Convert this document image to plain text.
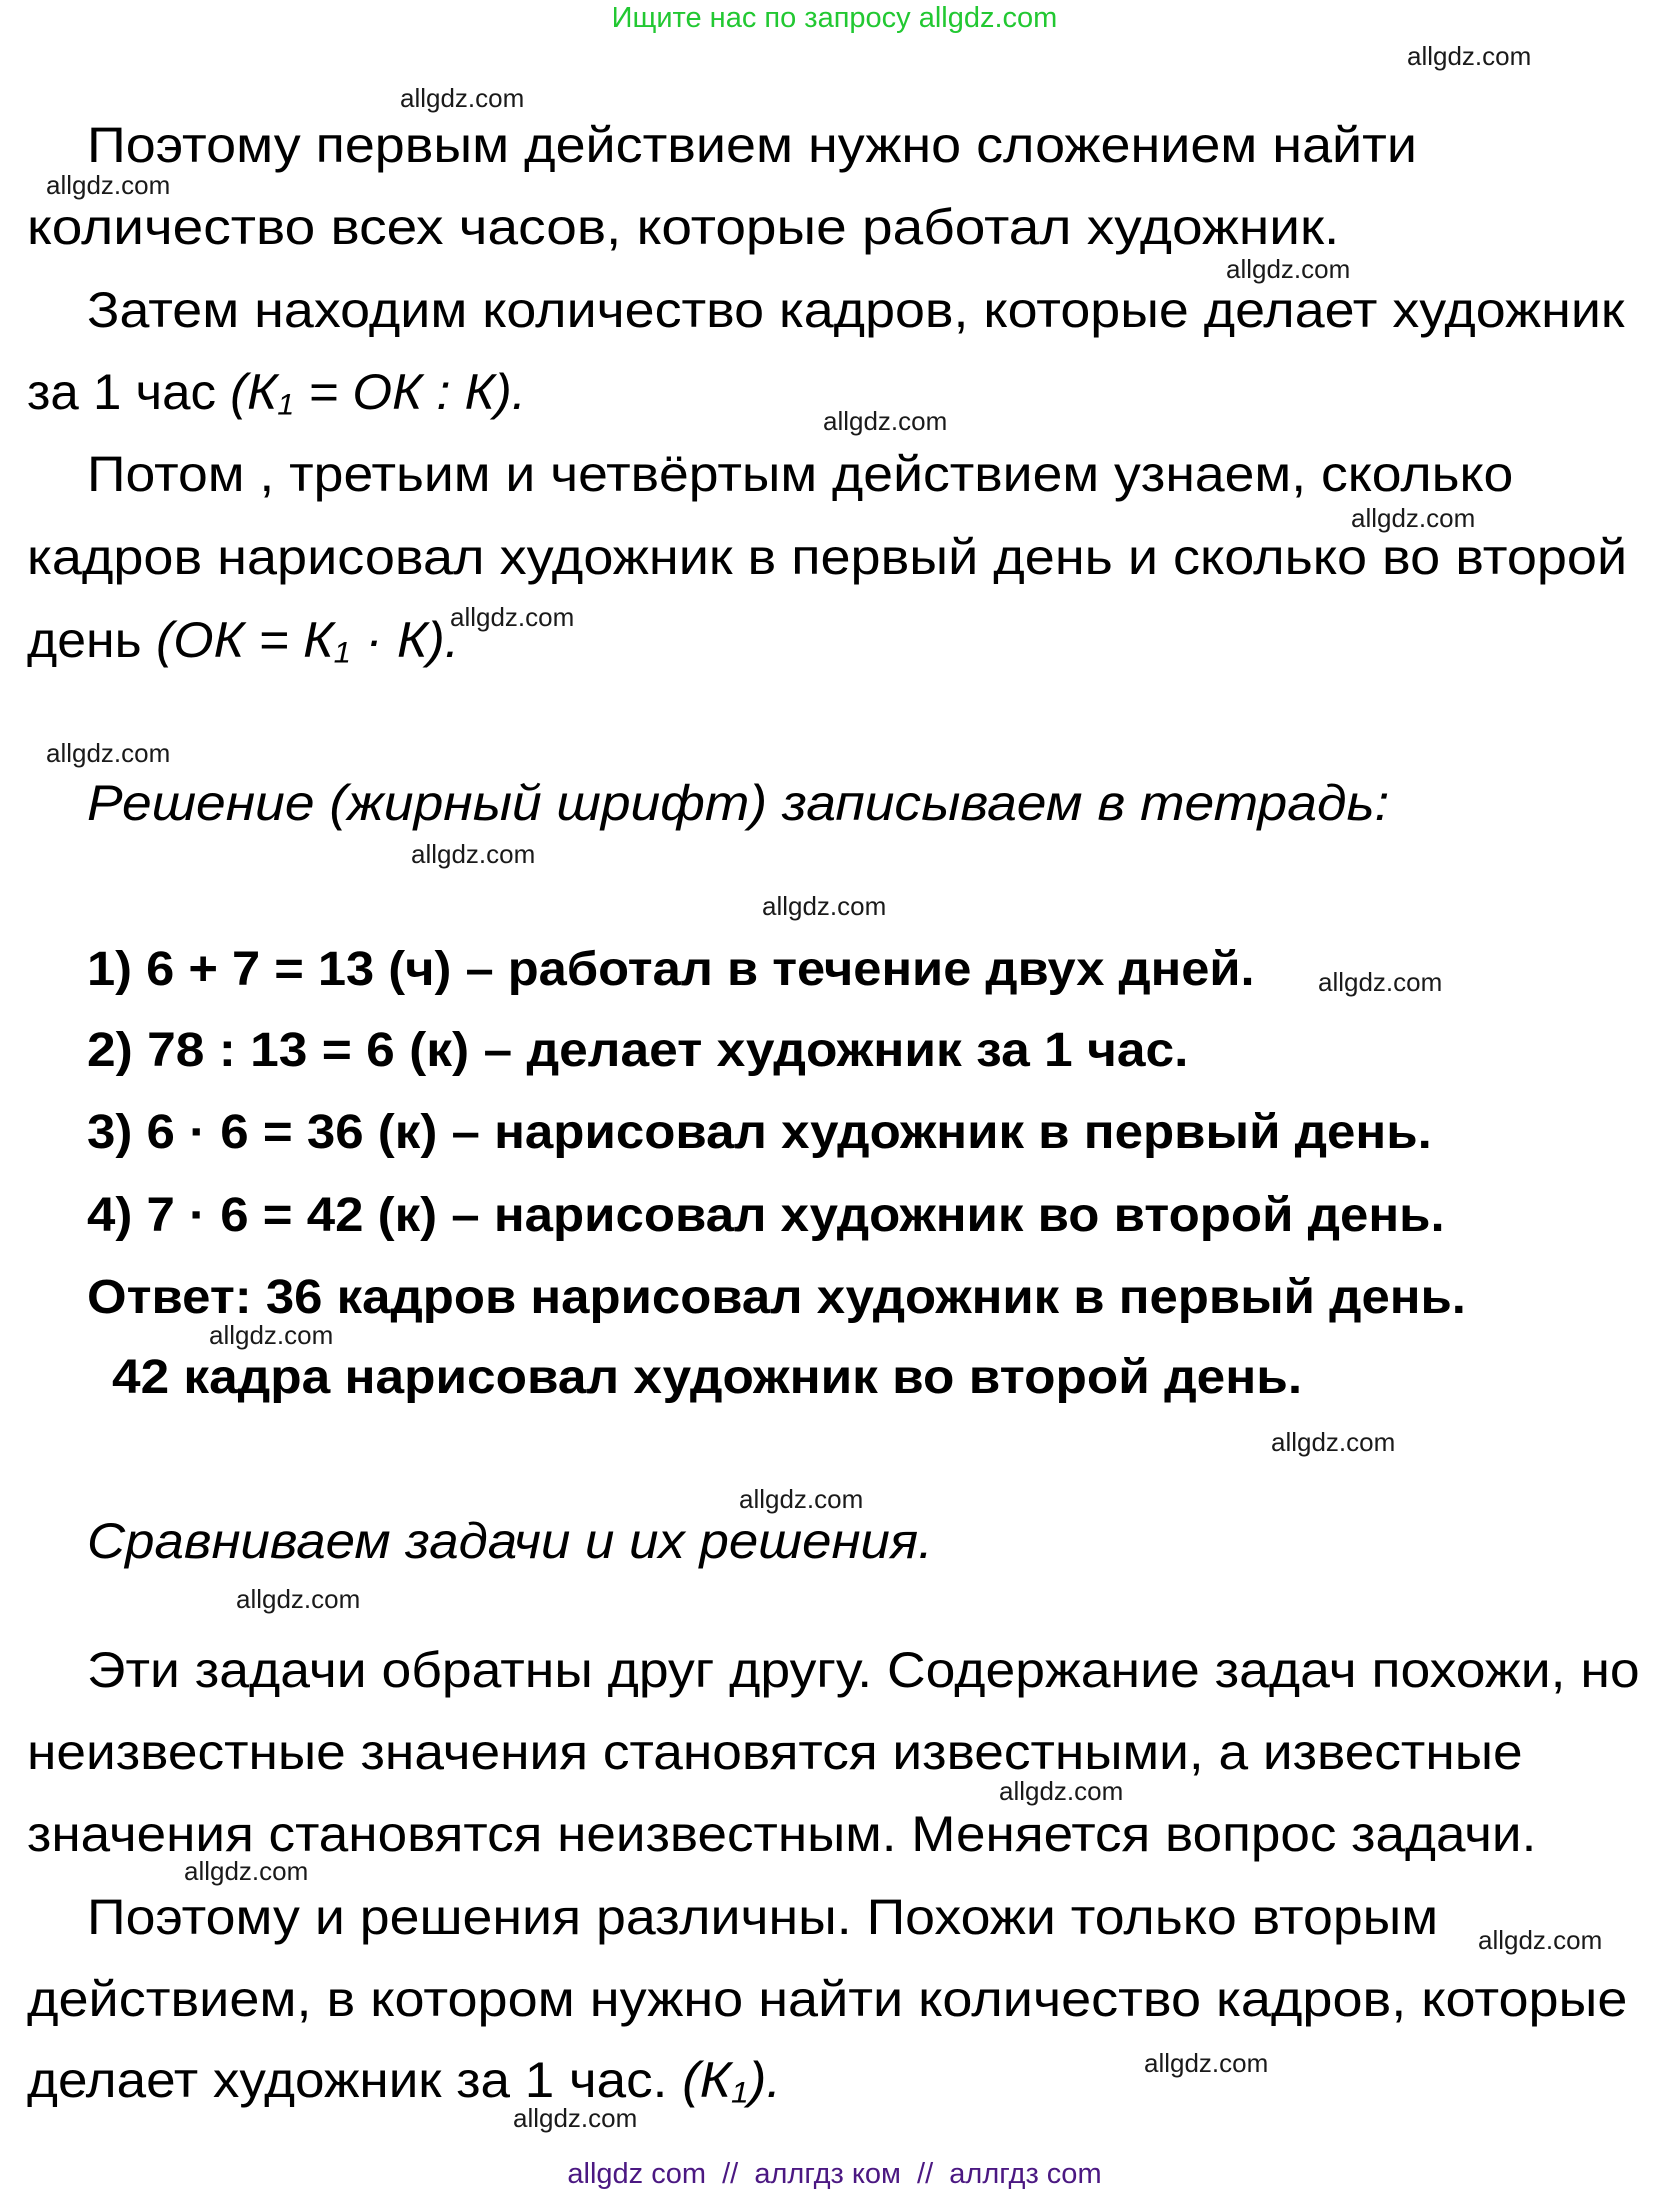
Ищите нас по запросу allgdz.com
Поэтому первым действием нужно сложением найти
количество всех часов, которые работал художник.
Затем находим количество кадров, которые делает художник
за 1 час ($К_1$ = ОК : К).
Потом , третьим и четвёртым действием узнаем, сколько
кадров нарисовал художник в первый день и сколько во второй
день $(ОК = К_1 \cdot К)$.
Решение (жирный шрифт) записываем в тетрадь:
1) 6 + 7 = 13 (ч) – работал в течение двух дней.
2) 78 : 13 = 6 (к) – делает художник за 1 час.
3) 6 · 6 = 36 (к) – нарисовал художник в первый день.
4) 7 · 6 = 42 (к) – нарисовал художник во второй день.
Ответ: 36 кадров нарисовал художник в первый день.
42 кадра нарисовал художник во второй день.
Сравниваем задачи и их решения.
Эти задачи обратны друг другу. Содержание задач похожи, но
неизвестные значения становятся известными, а известные
значения становятся неизвестным. Меняется вопрос задачи.
Поэтому и решения различны. Похожи только вторым
действием, в котором нужно найти количество кадров, которые
делает художник за 1 час. $(К_1)$.
allgdz.com
allgdz.com
allgdz.com
allgdz.com
allgdz.com
allgdz.com
allgdz.com
allgdz.com
allgdz.com
allgdz.com
allgdz.com
allgdz.com
allgdz.com
allgdz.com
allgdz.com
allgdz.com
allgdz.com
allgdz.com
allgdz.com
allgdz.com
allgdz com  //  аллгдз ком  //  аллгдз com
